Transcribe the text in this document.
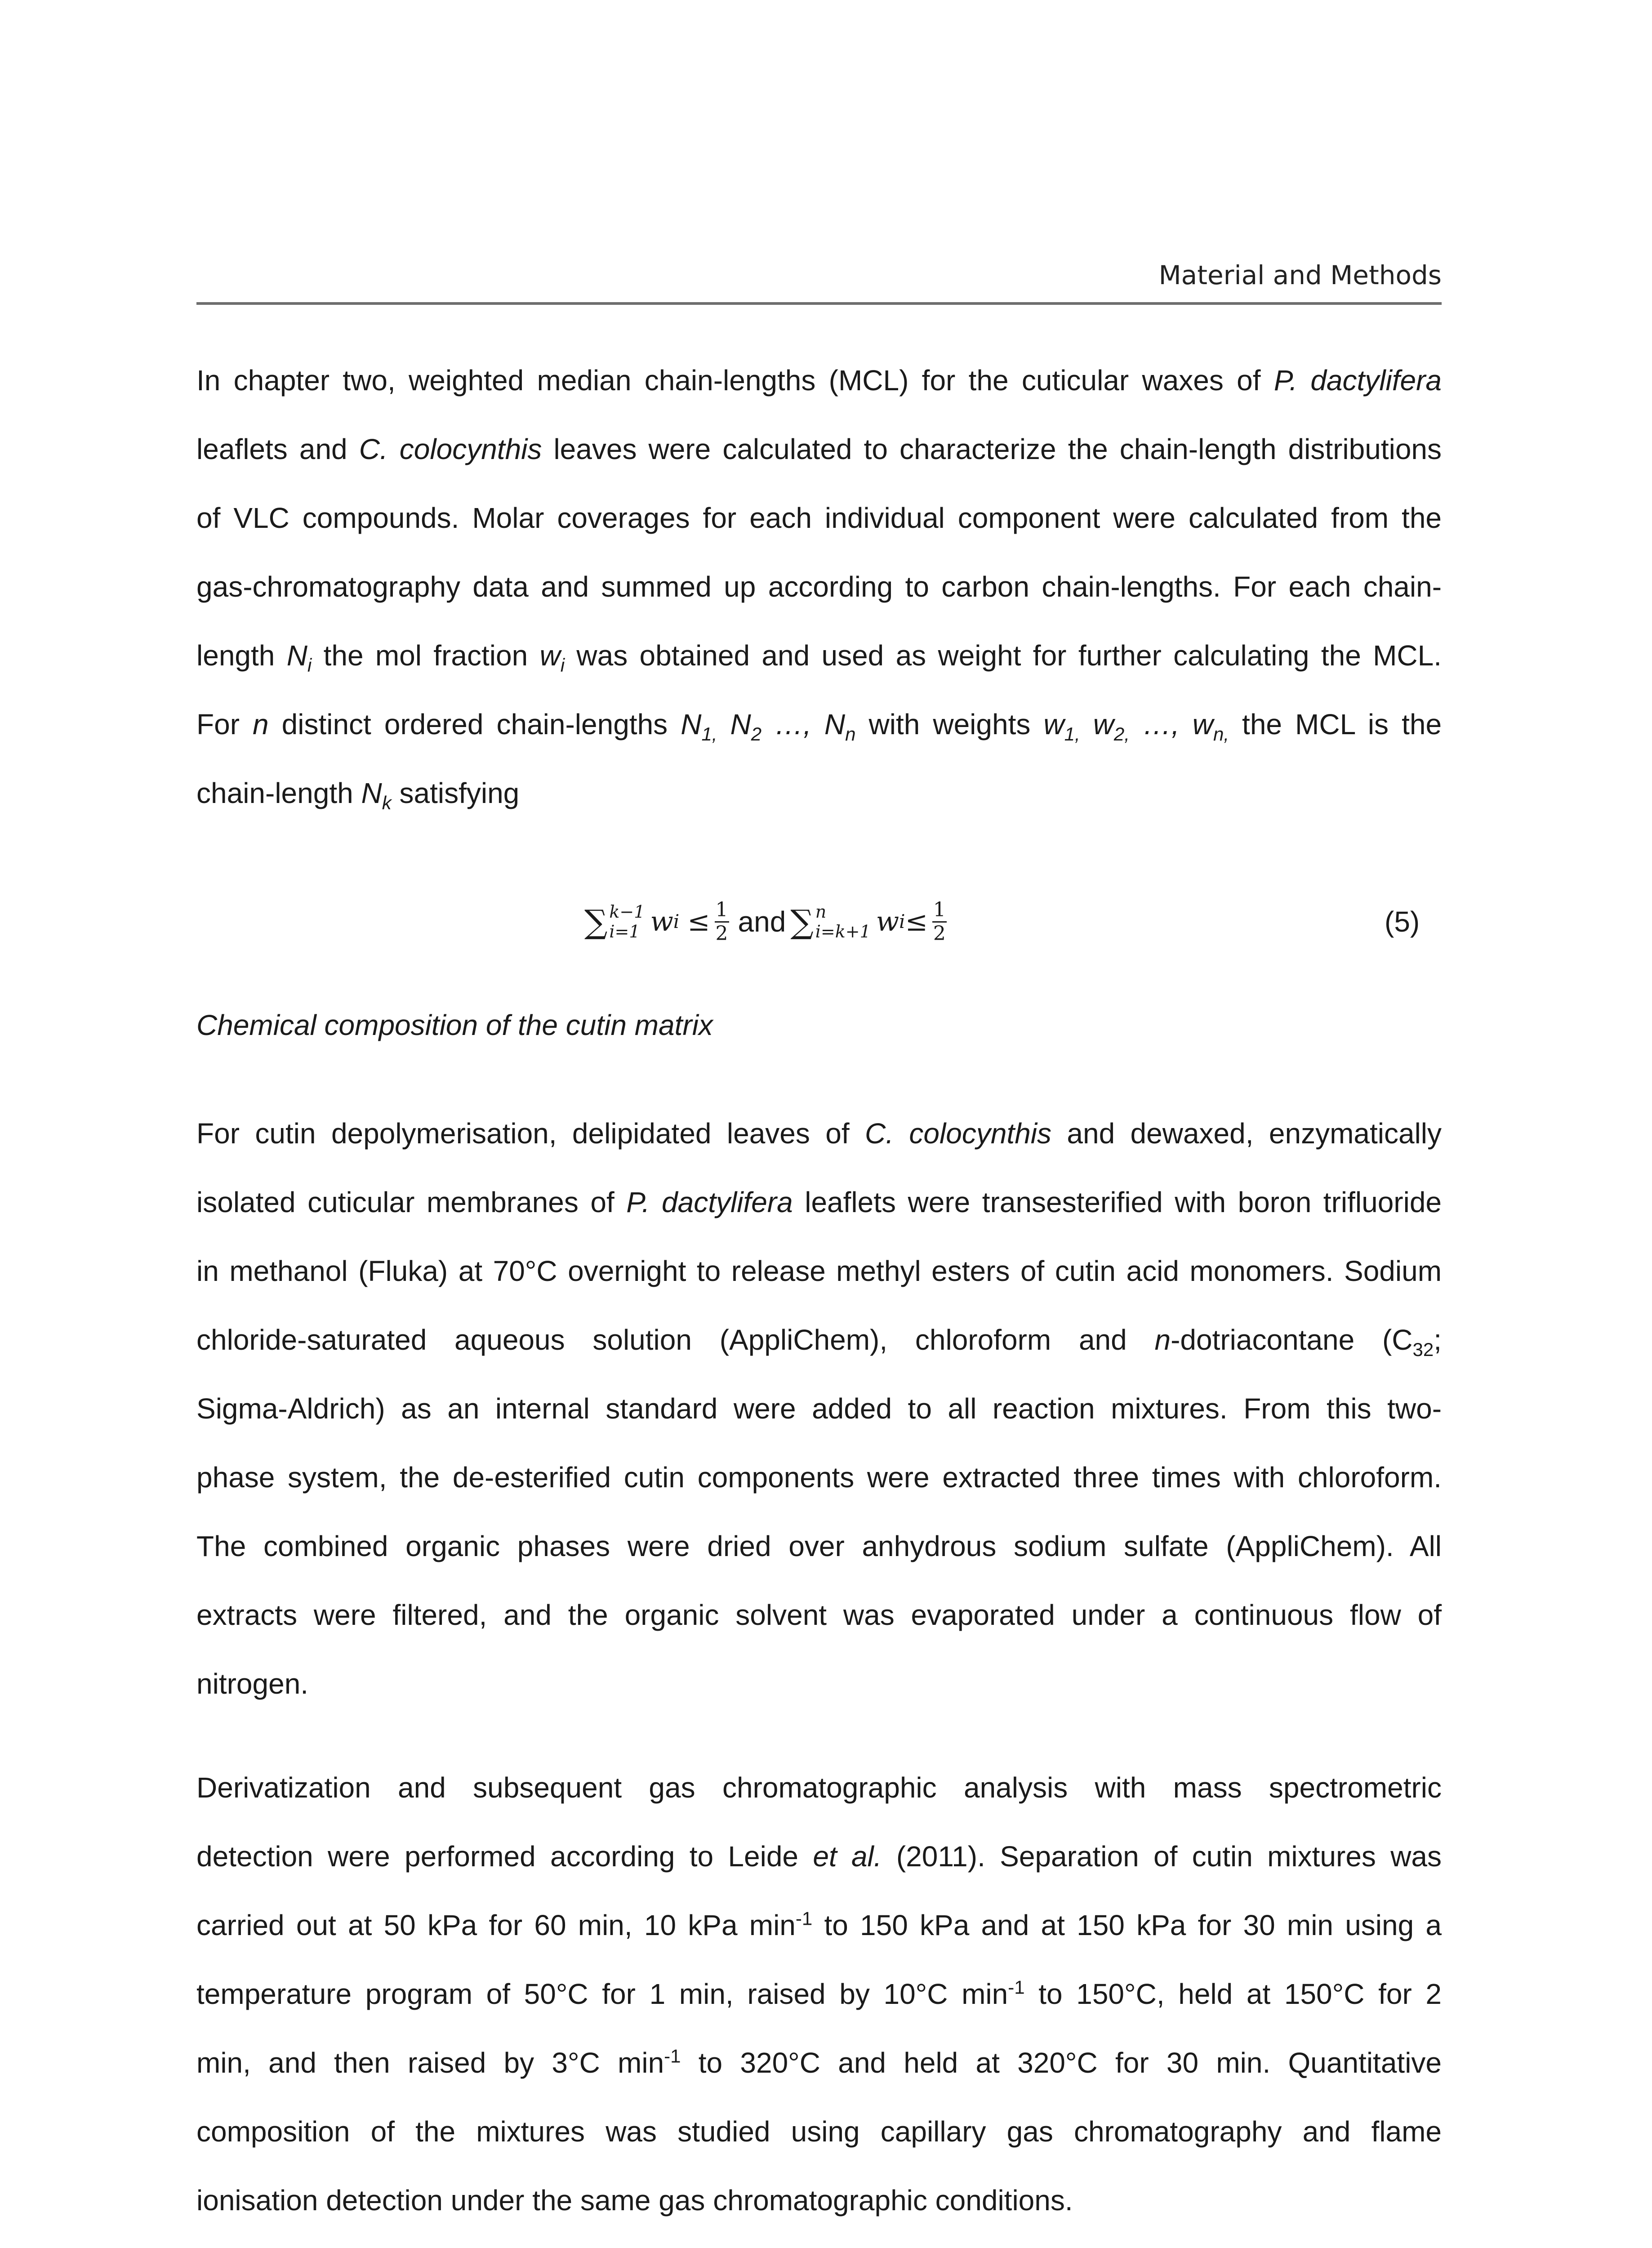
Material and Methods
In chapter two, weighted median chain-lengths (MCL) for the cuticular waxes of P. dactylifera
leaflets and C. colocynthis leaves were calculated to characterize the chain-length distributions
of VLC compounds. Molar coverages for each individual component were calculated from the
gas-chromatography data and summed up according to carbon chain-lengths. For each chain-
length $N_i$ the mol fraction $w_i$ was obtained and used as weight for further calculating the MCL.
For n distinct ordered chain-lengths $N_{1,}$ $N_2$ …, $N_n$ with weights $w_{1,}$ $w_{2,}$ …, $w_{n,}$ the MCL is the
chain-length $N_k$ satisfying
∑ k−1
i=1 w $i \le \frac{1}{2}$ and ∑ n
i=k+1 w $i \le \frac{1}{2}$	(5)
Chemical composition of the cutin matrix
For cutin depolymerisation, delipidated leaves of C. colocynthis and dewaxed, enzymatically
isolated cuticular membranes of P. dactylifera leaflets were transesterified with boron trifluoride
in methanol (Fluka) at 70°C overnight to release methyl esters of cutin acid monomers. Sodium
chloride-saturated aqueous solution (AppliChem), chloroform and n-dotriacontane ($C_{32}$;
Sigma-Aldrich) as an internal standard were added to all reaction mixtures. From this two-
phase system, the de-esterified cutin components were extracted three times with chloroform.
The combined organic phases were dried over anhydrous sodium sulfate (AppliChem). All
extracts were filtered, and the organic solvent was evaporated under a continuous flow of
nitrogen.
Derivatization and subsequent gas chromatographic analysis with mass spectrometric
detection were performed according to Leide et al. (2011). Separation of cutin mixtures was
carried out at 50 kPa for 60 min, 10 kPa $\min^{-1}$ to 150 kPa and at 150 kPa for 30 min using a
temperature program of 50°C for 1 min, raised by 10°C $\min^{-1}$ to 150°C, held at 150°C for 2
min, and then raised by 3°C $\min^{-1}$ to 320°C and held at 320°C for 30 min. Quantitative
composition of the mixtures was studied using capillary gas chromatography and flame
ionisation detection under the same gas chromatographic conditions.
